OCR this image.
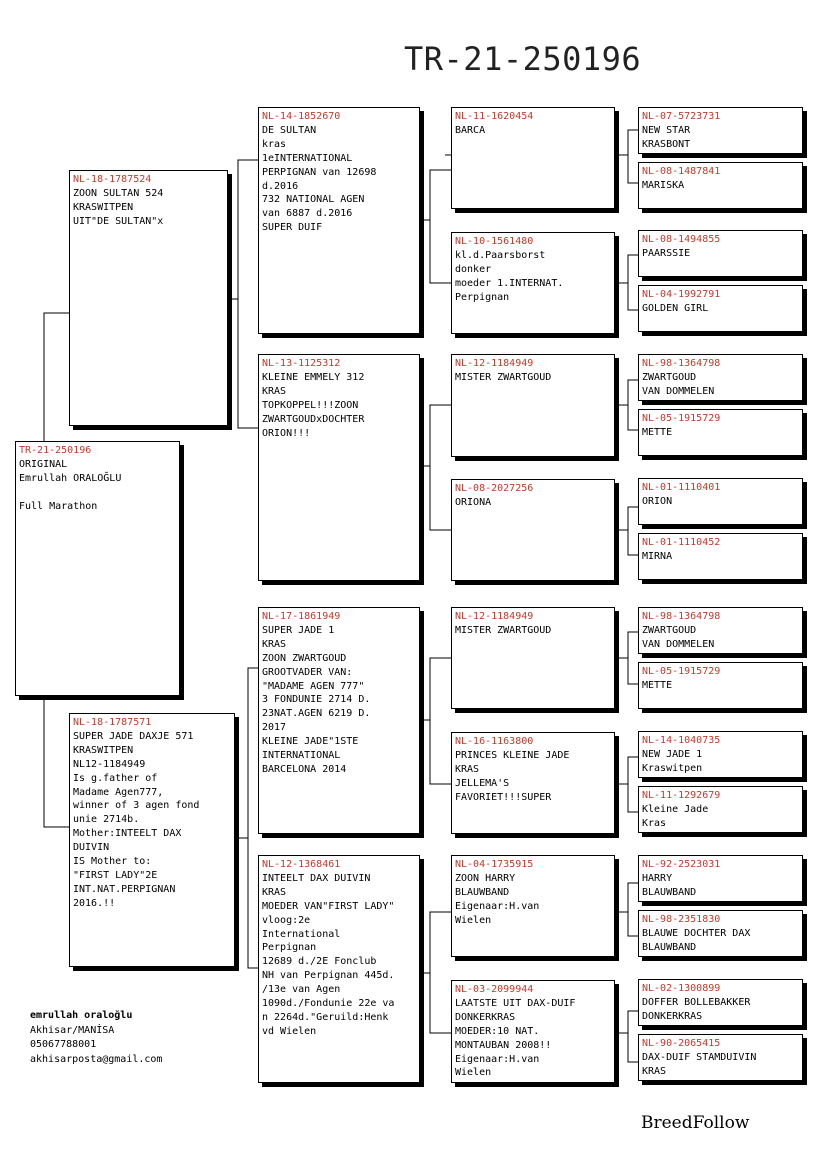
TR-21-250196
TR-21-250196
ORIGINAL
Emrullah ORALOĞLU
Full Marathon
NL-18-1787524
ZOON SULTAN 524
KRASWITPEN
UIT"DE SULTAN"x
NL-18-1787571
SUPER JADE DAXJE 571
KRASWITPEN
NL12-1184949
Is g.father of
Madame Agen777,
winner of 3 agen fond
unie 2714b.
Mother:INTEELT DAX
DUIVIN
IS Mother to:
"FIRST LADY"2E
INT.NAT.PERPIGNAN
2016.!!
NL-14-1852670
DE SULTAN
kras
1eINTERNATIONAL
PERPIGNAN van 12698
d.2016
732 NATIONAL AGEN
van 6887 d.2016
SUPER DUIF
NL-13-1125312
KLEINE EMMELY 312
KRAS
TOPKOPPEL!!!ZOON
ZWARTGOUDxDOCHTER
ORION!!!
NL-17-1861949
SUPER JADE 1
KRAS
ZOON ZWARTGOUD
GROOTVADER VAN:
"MADAME AGEN 777"
3 FONDUNIE 2714 D.
23NAT.AGEN 6219 D.
2017
KLEINE JADE"1STE
INTERNATIONAL
BARCELONA 2014
NL-12-1368461
INTEELT DAX DUIVIN
KRAS
MOEDER VAN"FIRST LADY"
vloog:2e
International
Perpignan
12689 d./2E Fonclub
NH van Perpignan 445d.
/13e van Agen
1090d./Fondunie 22e va
n 2264d."Geruild:Henk
vd Wielen
NL-11-1620454
BARCA
NL-10-1561480
kl.d.Paarsborst
donker
moeder 1.INTERNAT.
Perpignan
NL-12-1184949
MISTER ZWARTGOUD
NL-08-2027256
ORIONA
NL-12-1184949
MISTER ZWARTGOUD
NL-16-1163800
PRINCES KLEINE JADE
KRAS
JELLEMA'S
FAVORIET!!!SUPER
NL-04-1735915
ZOON HARRY
BLAUWBAND
Eigenaar:H.van
Wielen
NL-03-2099944
LAATSTE UIT DAX-DUIF
DONKERKRAS
MOEDER:10 NAT.
MONTAUBAN 2008!!
Eigenaar:H.van
Wielen
NL-07-5723731
NEW STAR
KRASBONT
NL-08-1487841
MARISKA
NL-08-1494855
PAARSSIE
NL-04-1992791
GOLDEN GIRL
NL-98-1364798
ZWARTGOUD
VAN DOMMELEN
NL-05-1915729
METTE
NL-01-1110401
ORION
NL-01-1110452
MIRNA
NL-98-1364798
ZWARTGOUD
VAN DOMMELEN
NL-05-1915729
METTE
NL-14-1040735
NEW JADE 1
Kraswitpen
NL-11-1292679
Kleine Jade
Kras
NL-92-2523031
HARRY
BLAUWBAND
NL-98-2351830
BLAUWE DOCHTER DAX
BLAUWBAND
NL-02-1300899
DOFFER BOLLEBAKKER
DONKERKRAS
NL-90-2065415
DAX-DUIF STAMDUIVIN
KRAS
emrullah oraloğlu
Akhisar/MANİSA
05067788001
akhisarposta@gmail.com
BreedFollow
